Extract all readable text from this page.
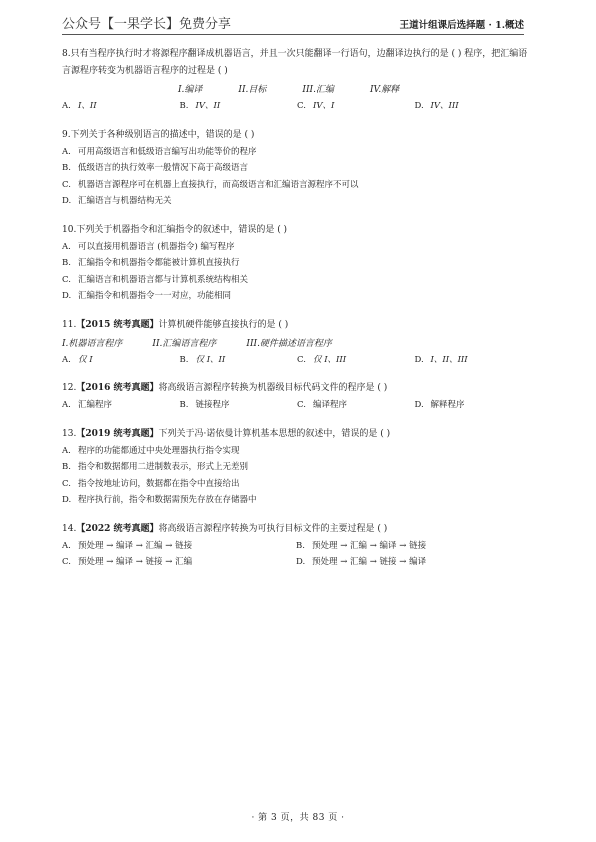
公众号【一果学长】免费分享	王道计组课后选择题 · 1.概述
8.只有当程序执行时才将源程序翻译成机器语言，并且一次只能翻译一行语句，边翻译边执行的是 ( ) 程序，把汇编语言源程序转变为机器语言程序的过程是 ( )
I.编译	II.目标	III.汇编	IV.解释
A. I、II	B. IV、II	C. IV、I	D. IV、III
9.下列关于各种级别语言的描述中，错误的是 ( )
A. 可用高级语言和低级语言编写出功能等价的程序
B. 低级语言的执行效率一般情况下高于高级语言
C. 机器语言源程序可在机器上直接执行，而高级语言和汇编语言源程序不可以
D. 汇编语言与机器结构无关
10.下列关于机器指令和汇编指令的叙述中，错误的是 ( )
A. 可以直接用机器语言 (机器指令) 编写程序
B. 汇编指令和机器指令都能被计算机直接执行
C. 汇编语言和机器语言都与计算机系统结构相关
D. 汇编指令和机器指令一一对应，功能相同
11.【2015 统考真题】计算机硬件能够直接执行的是 ( )
I.机器语言程序	II.汇编语言程序	III.硬件描述语言程序
A. 仅 I	B. 仅 I、II	C. 仅 I、III	D. I、II、III
12.【2016 统考真题】将高级语言源程序转换为机器级目标代码文件的程序是 ( )
A. 汇编程序	B. 链接程序	C. 编译程序	D. 解释程序
13.【2019 统考真题】下列关于冯·诺依曼计算机基本思想的叙述中，错误的是 ( )
A. 程序的功能都通过中央处理器执行指令实现
B. 指令和数据都用二进制数表示，形式上无差别
C. 指令按地址访问，数据都在指令中直接给出
D. 程序执行前，指令和数据需预先存放在存储器中
14.【2022 统考真题】将高级语言源程序转换为可执行目标文件的主要过程是 ( )
A. 预处理 → 编译 → 汇编 → 链接	B. 预处理 → 汇编 → 编译 → 链接
C. 预处理 → 编译 → 链接 → 汇编	D. 预处理 → 汇编 → 链接 → 编译
· 第 3 页，共 83 页 ·
